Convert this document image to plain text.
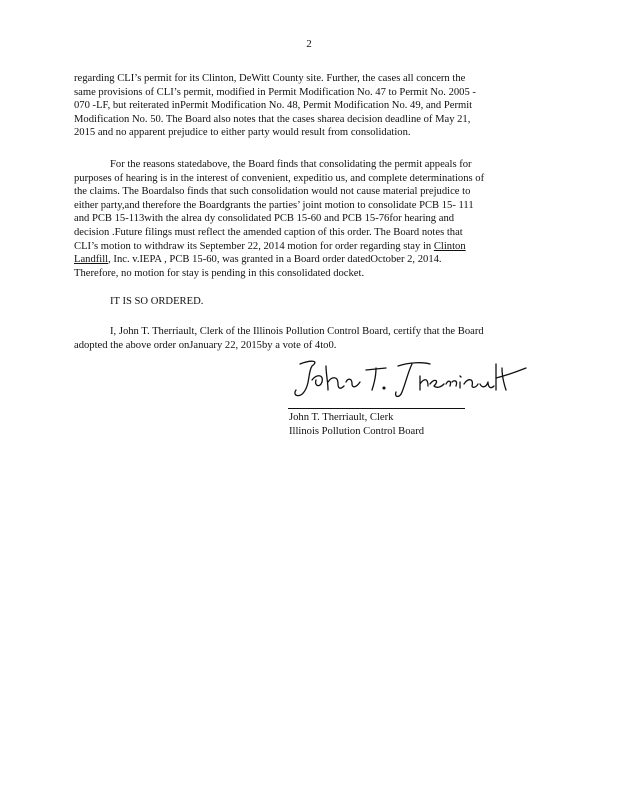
2
regarding CLI’s permit for its Clinton, DeWitt County site. Further, the cases all concern the
same provisions of CLI’s permit, modified in Permit Modification No. 47 to Permit No. 2005 -
070 -LF, but reiterated inPermit Modification No. 48, Permit Modification No. 49, and Permit
Modification No. 50. The Board also notes that the cases sharea decision deadline of May 21,
2015 and no apparent prejudice to either party would result from consolidation.
For the reasons statedabove, the Board finds that consolidating the permit appeals for
purposes of hearing is in the interest of convenient, expeditio us, and complete determinations of
the claims. The Boardalso finds that such consolidation would not cause material prejudice to
either party,and therefore the Boardgrants the parties’ joint motion to consolidate PCB 15- 111
and PCB 15-113with the alrea dy consolidated PCB 15-60 and PCB 15-76for hearing and
decision .Future filings must reflect the amended caption of this order. The Board notes that
CLI’s motion to withdraw its September 22, 2014 motion for order regarding stay in Clinton
Landfill, Inc. v.IEPA , PCB 15-60, was granted in a Board order datedOctober 2, 2014.
Therefore, no motion for stay is pending in this consolidated docket.
IT IS SO ORDERED.
I, John T. Therriault, Clerk of the Illinois Pollution Control Board, certify that the Board
adopted the above order onJanuary 22, 2015by a vote of 4to0.
John T. Therriault, Clerk
Illinois Pollution Control Board
